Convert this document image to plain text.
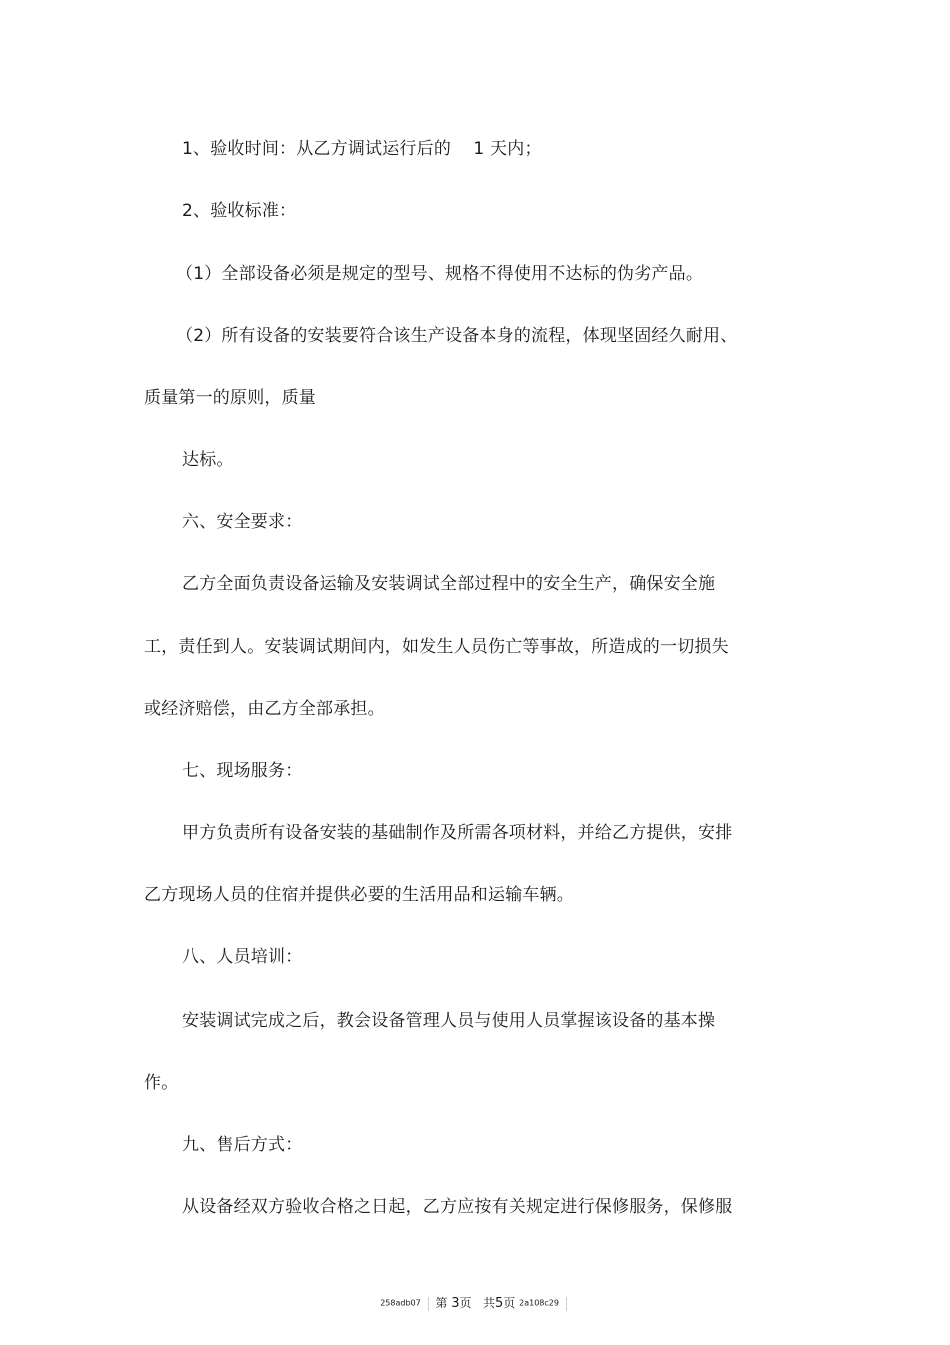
1、验收时间：从乙方调试运行后的    1 天内；
2、验收标准：
（1）全部设备必须是规定的型号、规格不得使用不达标的伪劣产品。
（2）所有设备的安装要符合该生产设备本身的流程，体现坚固经久耐用、
质量第一的原则，质量
达标。
六、安全要求：
乙方全面负责设备运输及安装调试全部过程中的安全生产，确保安全施
工，责任到人。安装调试期间内，如发生人员伤亡等事故，所造成的一切损失
或经济赔偿，由乙方全部承担。
七、现场服务：
甲方负责所有设备安装的基础制作及所需各项材料，并给乙方提供，安排
乙方现场人员的住宿并提供必要的生活用品和运输车辆。
八、人员培训：
安装调试完成之后，教会设备管理人员与使用人员掌握该设备的基本操
作。
九、售后方式：
从设备经双方验收合格之日起，乙方应按有关规定进行保修服务，保修服
258adb07 第 3页 共5页 2a108c29
